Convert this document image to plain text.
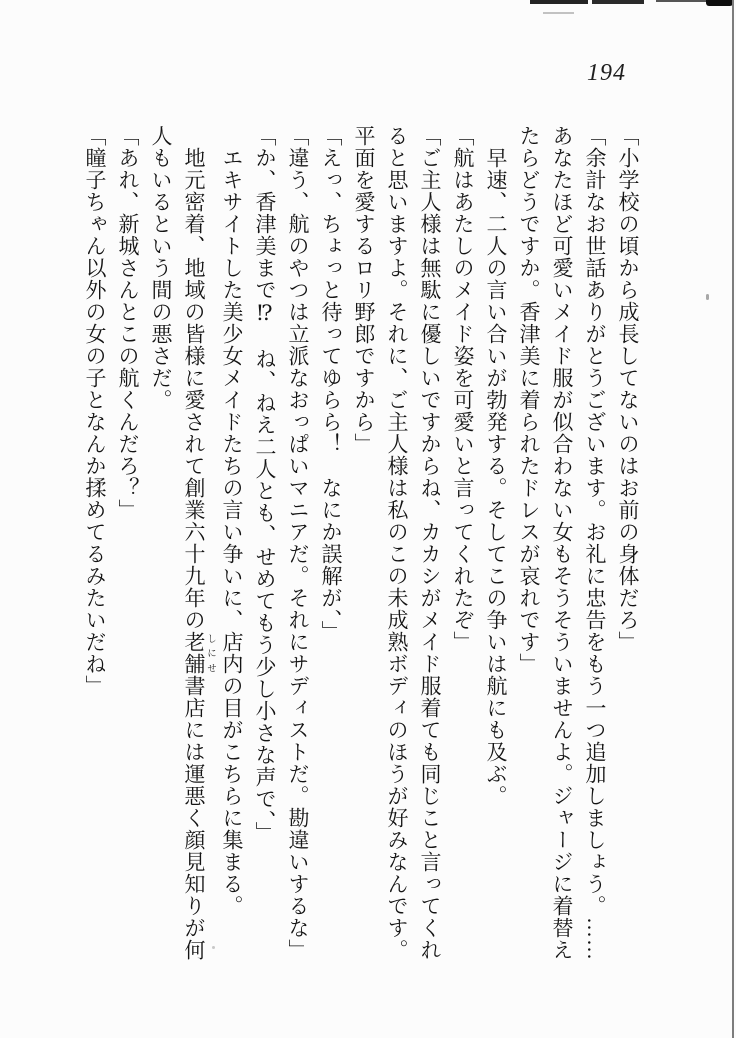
194
「小学校の頃から成長してないのはお前の身体だろ」
「余計なお世話ありがとうございます。お礼に忠告をもう一つ追加しましょう。……
あなたほど可愛いメイド服が似合わない女もそうそういませんよ。ジャージに着替え
たらどうですか。香津美に着られたドレスが哀れです」
　早速、二人の言い合いが勃発する。そしてこの争いは航にも及ぶ。
「航はあたしのメイド姿を可愛いと言ってくれたぞ」
「ご主人様は無駄に優しいですからね、カカシがメイド服着ても同じこと言ってくれ
ると思いますよ。それに、ご主人様は私のこの未成熟ボディのほうが好みなんです。
平面を愛するロリ野郎ですから」
「えっ、ちょっと待ってゆらら！　なにか誤解が、」
「違う、航のやつは立派なおっぱいマニアだ。それにサディストだ。勘違いするな」
「か、香津美まで⁉　ね、ねえ二人とも、せめてもう少し小さな声で、」
　エキサイトした美少女メイドたちの言い争いに、店内の目がこちらに集まる。
　地元密着、地域の皆様に愛されて創業六十九年の老舗 しにせ書店には運悪く顔見知りが何
人もいるという間の悪さだ。
「あれ、新城さんとこの航くんだろ？」
「瞳子ちゃん以外の女の子となんか揉めてるみたいだね」
